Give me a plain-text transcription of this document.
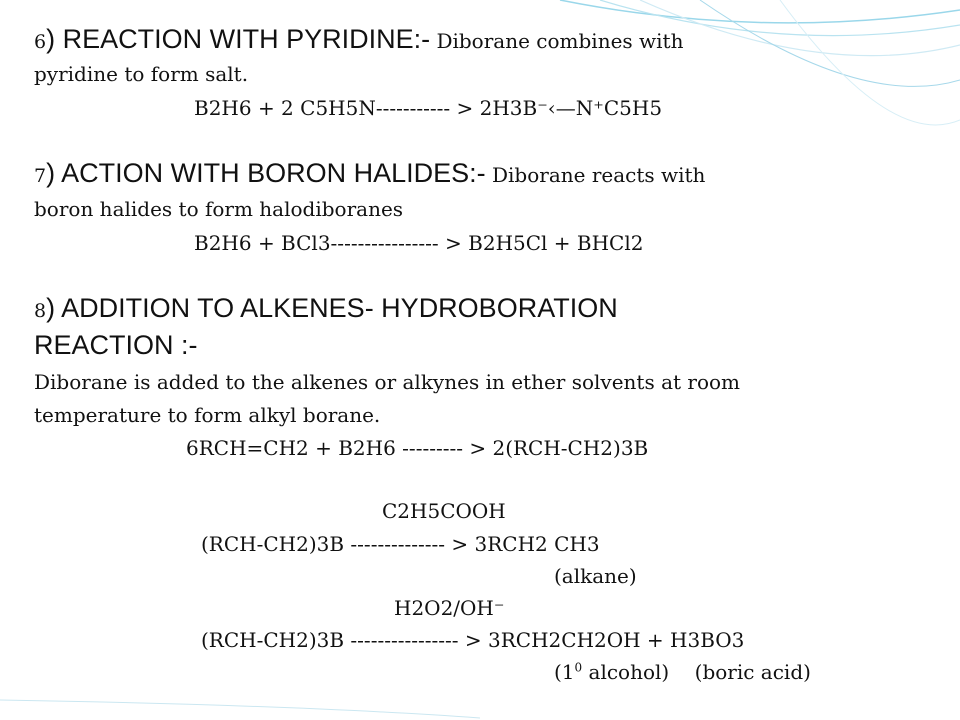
6) REACTION WITH PYRIDINE:- Diborane combines with
pyridine to form salt.
B2H6 + 2 C5H5N----------- > 2H3B⁻‹—N⁺C5H5
7) ACTION WITH BORON HALIDES:- Diborane reacts with
boron halides to form halodiboranes
B2H6 + BCl3---------------- > B2H5Cl + BHCl2
8) ADDITION TO ALKENES- HYDROBORATION
REACTION :-
Diborane is added to the alkenes or alkynes in ether solvents at room
temperature to form alkyl borane.
6RCH=CH2 + B2H6 --------- > 2(RCH-CH2)3B
C2H5COOH
(RCH-CH2)3B -------------- > 3RCH2 CH3
(alkane)
H2O2/OH⁻
(RCH-CH2)3B ---------------- > 3RCH2CH2OH + H3BO3
($1^0$ alcohol)    (boric acid)
